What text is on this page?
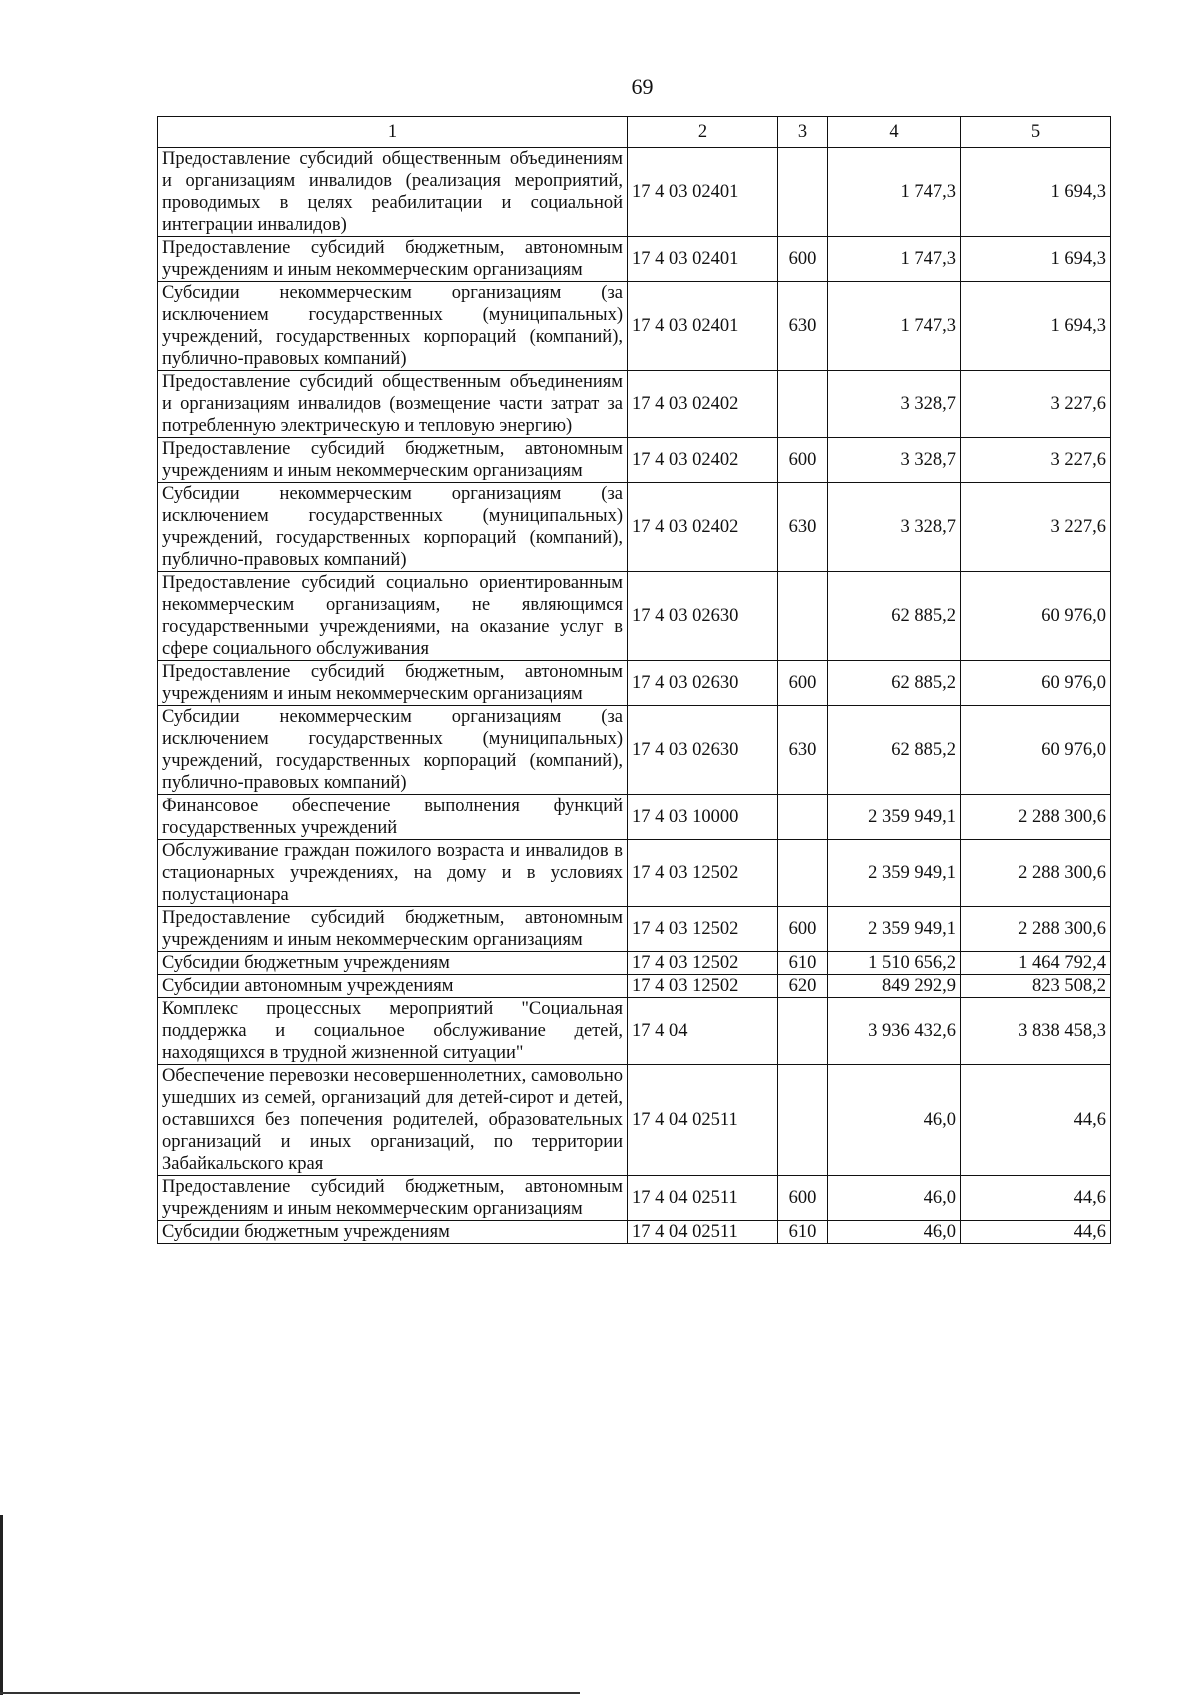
69
1	2	3	4	5
Предоставление субсидий общественным объединениям и организациям инвалидов (реализация мероприятий, проводимых в целях реабилитации и социальной интеграции инвалидов)	17 4 03 02401		1 747,3	1 694,3
Предоставление субсидий бюджетным, автономным учреждениям и иным некоммерческим организациям	17 4 03 02401	600	1 747,3	1 694,3
Субсидии некоммерческим организациям (за исключением государственных (муниципальных) учреждений, государственных корпораций (компаний), публично-правовых компаний)	17 4 03 02401	630	1 747,3	1 694,3
Предоставление субсидий общественным объединениям и организациям инвалидов (возмещение части затрат за потребленную электрическую и тепловую энергию)	17 4 03 02402		3 328,7	3 227,6
Предоставление субсидий бюджетным, автономным учреждениям и иным некоммерческим организациям	17 4 03 02402	600	3 328,7	3 227,6
Субсидии некоммерческим организациям (за исключением государственных (муниципальных) учреждений, государственных корпораций (компаний), публично-правовых компаний)	17 4 03 02402	630	3 328,7	3 227,6
Предоставление субсидий социально ориентированным некоммерческим организациям, не являющимся государственными учреждениями, на оказание услуг в сфере социального обслуживания	17 4 03 02630		62 885,2	60 976,0
Предоставление субсидий бюджетным, автономным учреждениям и иным некоммерческим организациям	17 4 03 02630	600	62 885,2	60 976,0
Субсидии некоммерческим организациям (за исключением государственных (муниципальных) учреждений, государственных корпораций (компаний), публично-правовых компаний)	17 4 03 02630	630	62 885,2	60 976,0
Финансовое обеспечение выполнения функций государственных учреждений	17 4 03 10000		2 359 949,1	2 288 300,6
Обслуживание граждан пожилого возраста и инвалидов в стационарных учреждениях, на дому и в условиях полустационара	17 4 03 12502		2 359 949,1	2 288 300,6
Предоставление субсидий бюджетным, автономным учреждениям и иным некоммерческим организациям	17 4 03 12502	600	2 359 949,1	2 288 300,6
Субсидии бюджетным учреждениям	17 4 03 12502	610	1 510 656,2	1 464 792,4
Субсидии автономным учреждениям	17 4 03 12502	620	849 292,9	823 508,2
Комплекс процессных мероприятий "Социальная поддержка и социальное обслуживание детей, находящихся в трудной жизненной ситуации"	17 4 04		3 936 432,6	3 838 458,3
Обеспечение перевозки несовершеннолетних, самовольно ушедших из семей, организаций для детей-сирот и детей, оставшихся без попечения родителей, образовательных организаций и иных организаций, по территории Забайкальского края	17 4 04 02511		46,0	44,6
Предоставление субсидий бюджетным, автономным учреждениям и иным некоммерческим организациям	17 4 04 02511	600	46,0	44,6
Субсидии бюджетным учреждениям	17 4 04 02511	610	46,0	44,6
